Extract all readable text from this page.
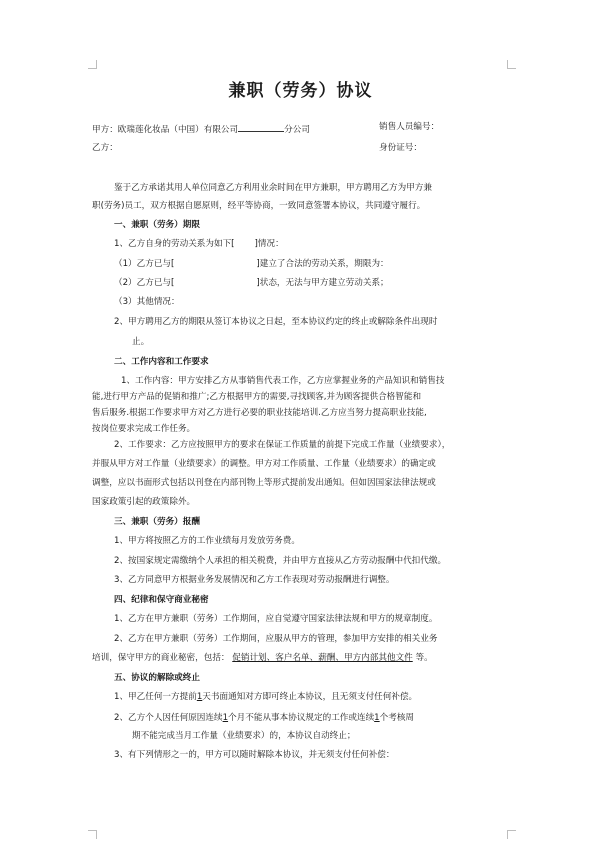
兼职（劳务）协议
甲方：欧瑞莲化妆品（中国）有限公司	分公司	销售人员编号：
乙方：	身份证号：
鉴于乙方承诺其用人单位同意乙方利用业余时间在甲方兼职，甲方聘用乙方为甲方兼
职(劳务)员工，双方根据自愿原则，经平等协商，一致同意签署本协议，共同遵守履行。
一、兼职（劳务）期限
1、乙方自身的劳动关系为如下[ ]情况：
（1）乙方已与[	]建立了合法的劳动关系，期限为：
（2）乙方已与[	]状态，无法与甲方建立劳动关系；
（3）其他情况：
2、甲方聘用乙方的期限从签订本协议之日起，至本协议约定的终止或解除条件出现时
止。
二、工作内容和工作要求
1、工作内容：甲方安排乙方从事销售代表工作，乙方应掌握业务的产品知识和销售技
能,进行甲方产品的促销和推广;乙方根据甲方的需要,寻找顾客,并为顾客提供合格智能和
售后服务.根据工作要求甲方对乙方进行必要的职业技能培训.乙方应当努力提高职业技能,
按岗位要求完成工作任务。
2、工作要求：乙方应按照甲方的要求在保证工作质量的前提下完成工作量（业绩要求），
并服从甲方对工作量（业绩要求）的调整。甲方对工作质量、工作量（业绩要求）的确定或
调整，应以书面形式包括以刊登在内部刊物上等形式提前发出通知。但如因国家法律法规或
国家政策引起的政策除外。
三、兼职（劳务）报酬
1、甲方将按照乙方的工作业绩每月发放劳务费。
2、按国家规定需缴纳个人承担的相关税费，并由甲方直接从乙方劳动报酬中代扣代缴。
3、乙方同意甲方根据业务发展情况和乙方工作表现对劳动报酬进行调整。
四、纪律和保守商业秘密
1、乙方在甲方兼职（劳务）工作期间，应自觉遵守国家法律法规和甲方的规章制度。
2、乙方在甲方兼职（劳务）工作期间，应服从甲方的管理，参加甲方安排的相关业务
培训，保守甲方的商业秘密，包括： 促销计划、客户名单、薪酬、甲方内部其他文件 等。
五、协议的解除或终止
1、甲乙任何一方提前1天书面通知对方即可终止本协议，且无须支付任何补偿。
2、乙方个人因任何原因连续1个月不能从事本协议规定的工作或连续1个考核周
期不能完成当月工作量（业绩要求）的，本协议自动终止；
3、有下列情形之一的，甲方可以随时解除本协议，并无须支付任何补偿：
